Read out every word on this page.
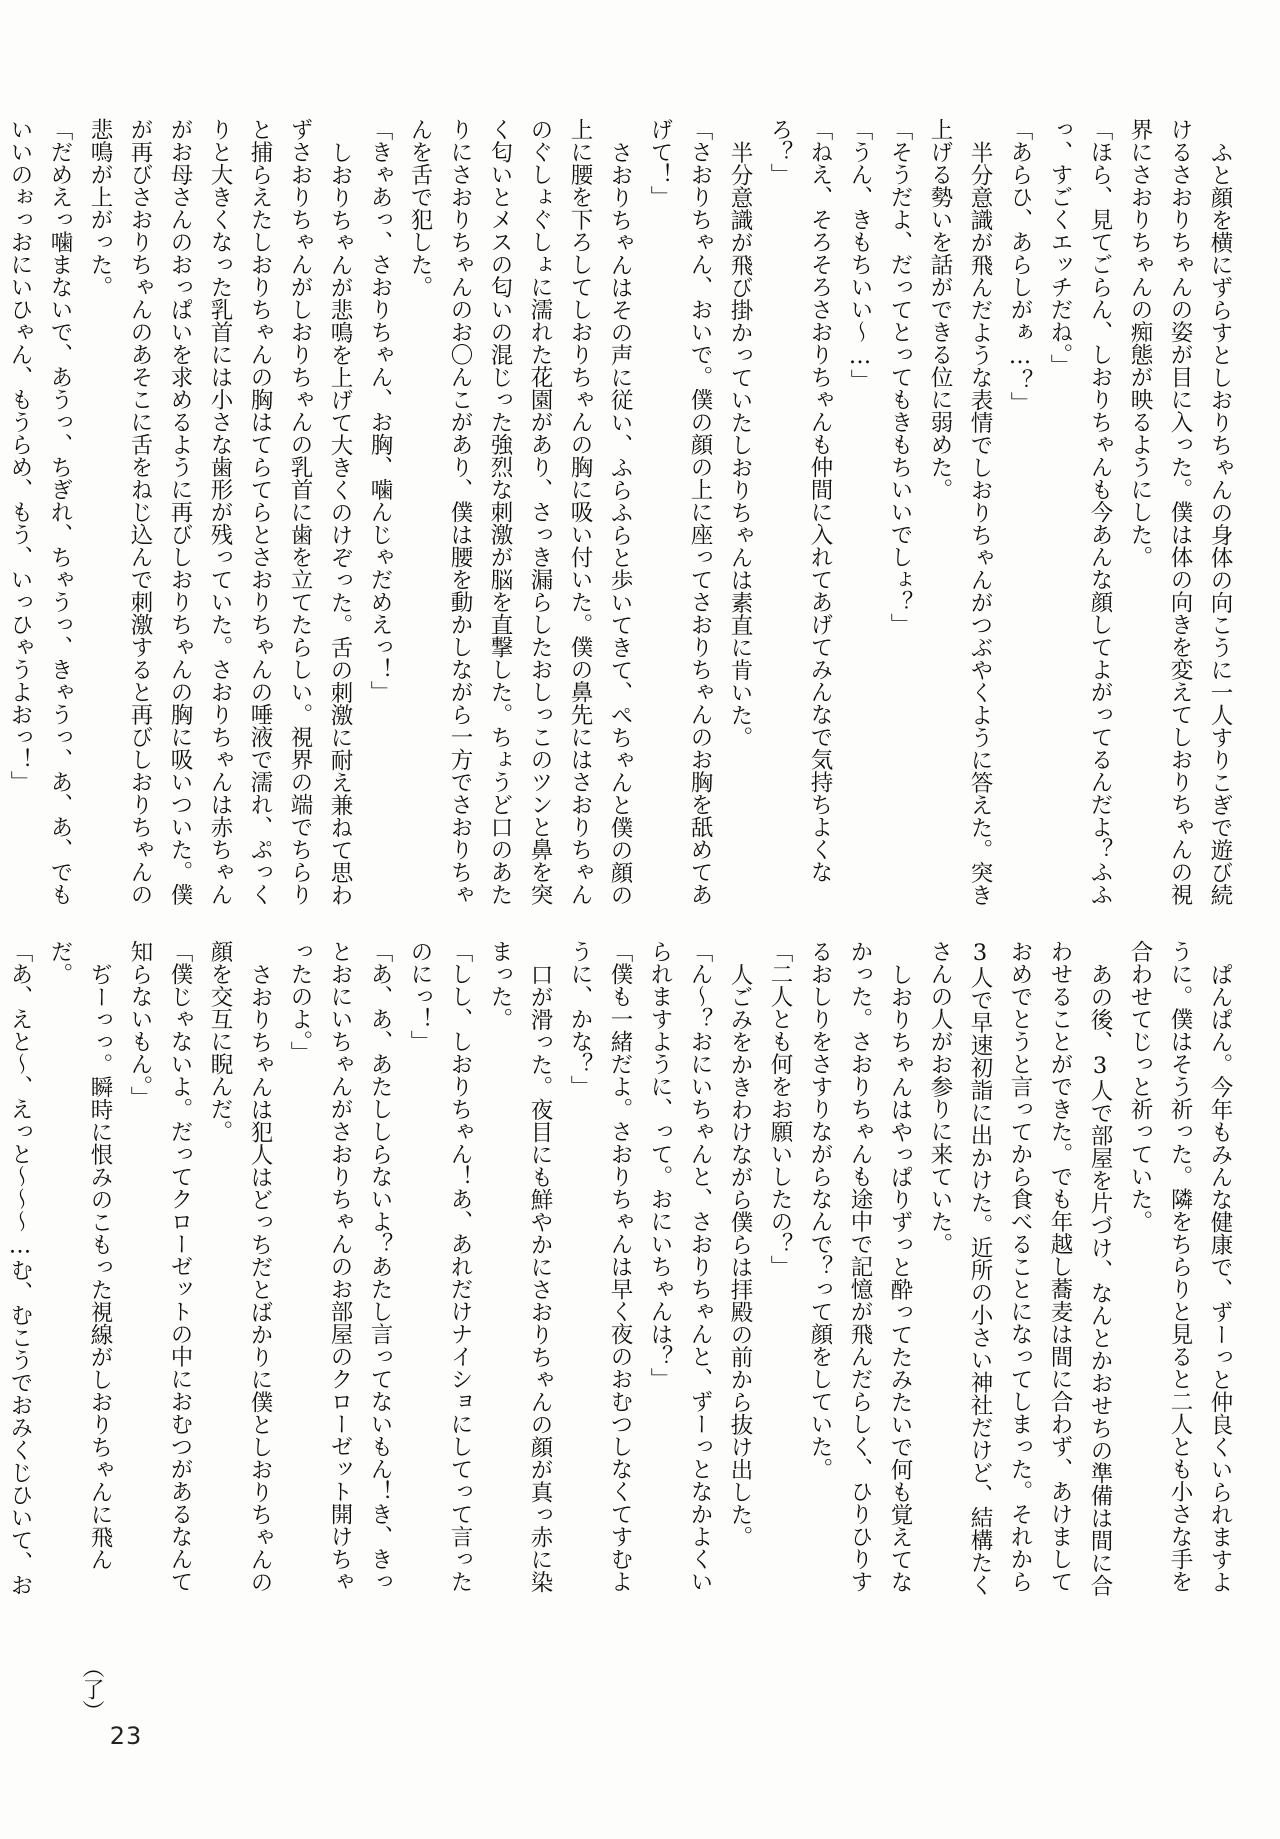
ふと顔を横にずらすとしおりちゃんの身体の向こうに一人すりこぎで遊び続けるさおりちゃんの姿が目に入った。僕は体の向きを変えてしおりちゃんの視界にさおりちゃんの痴態が映るようにした。

「ほら、見てごらん、しおりちゃんも今あんな顔してよがってるんだよ？ふふっ、すごくエッチだね。」

「あらひ、あらしがぁ…？」

半分意識が飛んだような表情でしおりちゃんがつぶやくように答えた。突き上げる勢いを話ができる位に弱めた。

「そうだよ、だってとってもきもちいいでしょ？」

「うん、きもちいい～…」

「ねえ、そろそろさおりちゃんも仲間に入れてあげてみんなで気持ちよくなろ？」

半分意識が飛び掛かっていたしおりちゃんは素直に肯いた。

「さおりちゃん、おいで。僕の顔の上に座ってさおりちゃんのお胸を舐めてあげて！」

さおりちゃんはその声に従い、ふらふらと歩いてきて、ぺちゃんと僕の顔の上に腰を下ろしてしおりちゃんの胸に吸い付いた。僕の鼻先にはさおりちゃんのぐしょぐしょに濡れた花園があり、さっき漏らしたおしっこのツンと鼻を突く匂いとメスの匂いの混じった強烈な刺激が脳を直撃した。ちょうど口のあたりにさおりちゃんのお〇んこがあり、僕は腰を動かしながら一方でさおりちゃんを舌で犯した。

「きゃあっ、さおりちゃん、お胸、噛んじゃだめえっ！」

しおりちゃんが悲鳴を上げて大きくのけぞった。舌の刺激に耐え兼ねて思わずさおりちゃんがしおりちゃんの乳首に歯を立てたらしい。視界の端でちらりと捕らえたしおりちゃんの胸はてらてらとさおりちゃんの唾液で濡れ、ぷっくりと大きくなった乳首には小さな歯形が残っていた。さおりちゃんは赤ちゃんがお母さんのおっぱいを求めるように再びしおりちゃんの胸に吸いついた。僕が再びさおりちゃんのあそこに舌をねじ込んで刺激すると再びしおりちゃんの悲鳴が上がった。

「だめえっ噛まないで、あうっ、ちぎれ、ちゃうっ、きゃうっ、あ、あ、でもいいのぉっおにいひゃん、もうらめ、もう、いっひゃうよおっ！」

ぱんぱん。今年もみんな健康で、ずーっと仲良くいられますように。僕はそう祈った。隣をちらりと見ると二人とも小さな手を合わせてじっと祈っていた。

あの後、3人で部屋を片づけ、なんとかおせちの準備は間に合わせることができた。でも年越し蕎麦は間に合わず、あけましておめでとうと言ってから食べることになってしまった。それから3人で早速初詣に出かけた。近所の小さい神社だけど、結構たくさんの人がお参りに来ていた。

しおりちゃんはやっぱりずっと酔ってたみたいで何も覚えてなかった。さおりちゃんも途中で記憶が飛んだらしく、ひりひりするおしりをさすりながらなんで？って顔をしていた。

「二人とも何をお願いしたの？」

人ごみをかきわけながら僕らは拝殿の前から抜け出した。

「ん～？おにいちゃんと、さおりちゃんと、ずーっとなかよくいられますように、って。おにいちゃんは？」

「僕も一緒だよ。さおりちゃんは早く夜のおむつしなくてすむように、かな？」

口が滑った。夜目にも鮮やかにさおりちゃんの顔が真っ赤に染まった。

「しし、しおりちゃん！あ、あれだけナイショにしてって言ったのにっ！」

「あ、あ、あたししらないよ？あたし言ってないもん！き、きっとおにいちゃんがさおりちゃんのお部屋のクローゼット開けちゃったのよ。」

さおりちゃんは犯人はどっちだとばかりに僕としおりちゃんの顔を交互に睨んだ。

「僕じゃないよ。だってクローゼットの中におむつがあるなんて知らないもん。」

ぢーっっ。瞬時に恨みのこもった視線がしおりちゃんに飛んだ。

「あ、えと～、えっと～～～…む、むこうでおみくじひいて、お

（了）
23
